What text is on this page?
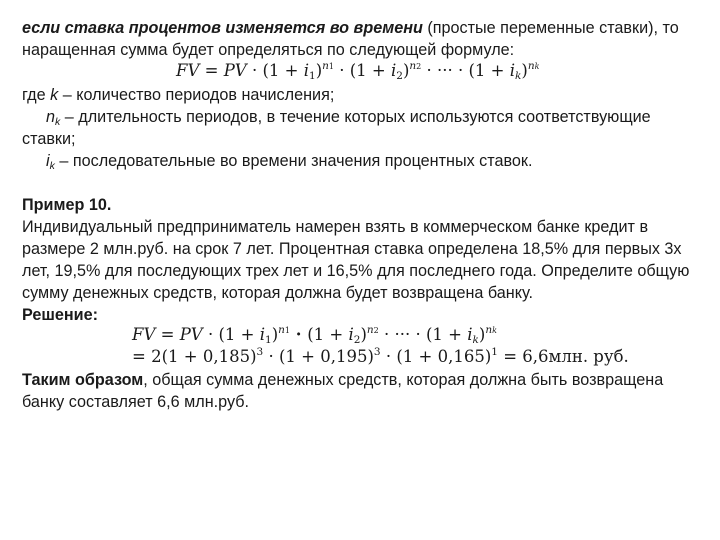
если ставка процентов изменяется во времени (простые переменные ставки), то
наращенная сумма будет определяться по следующей формуле:
FV = PV · $(1 + i_1)^{n1} \cdot (1 + i_2)^{n2}$ · ··· · $(1 + i_k)^{nk}$
где k – количество периодов начисления;
$n_k$ – длительность периодов, в течение которых используются соответствующие
ставки;
$i_k$ – последовательные во времени значения процентных ставок.
Пример 10.
Индивидуальный предприниматель намерен взять в коммерческом банке кредит в
размере 2 млн.руб. на срок 7 лет. Процентная ставка определена 18,5% для первых 3х
лет, 19,5% для последующих трех лет и 16,5% для последнего года. Определите общую
сумму денежных средств, которая должна будет возвращена банку.
Решение:
FV = PV · $(1 + i_1)^{n1} \cdot (1 + i_2)^{n2}$ · ··· · $(1 + i_k)^{nk}$
= $2(1 + 0,185)^3 \cdot (1 + 0,195)^3 \cdot (1 + 0,165)^1 = 6,6млн$. руб.
Таким образом, общая сумма денежных средств, которая должна быть возвращена
банку составляет 6,6 млн.руб.
